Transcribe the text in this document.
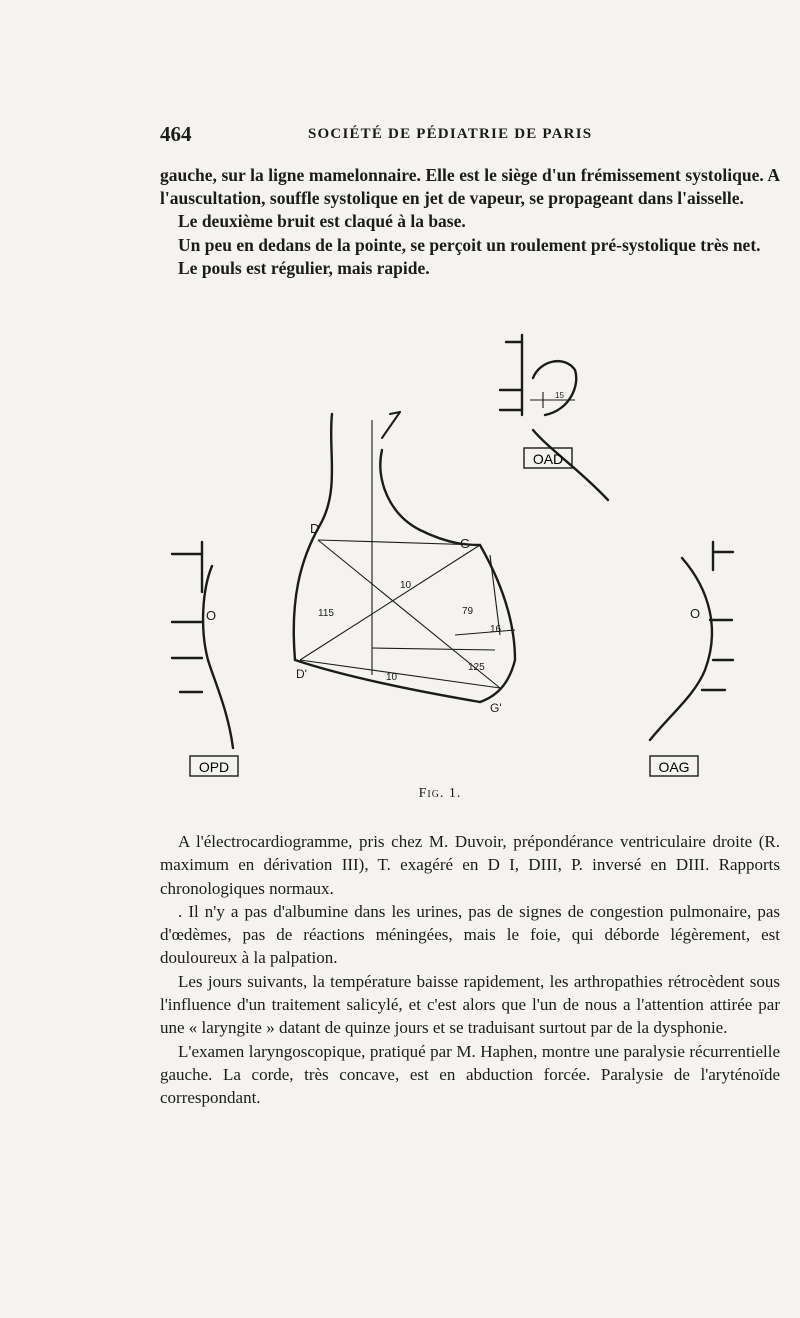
464	SOCIÉTÉ DE PÉDIATRIE DE PARIS

gauche, sur la ligne mamelonnaire. Elle est le siège d'un frémissement systolique. A l'auscultation, souffle systolique en jet de vapeur, se propageant dans l'aisselle.

Le deuxième bruit est claqué à la base.

Un peu en dedans de la pointe, se perçoit un roulement pré-systolique très net.

Le pouls est régulier, mais rapide.

OAD
OPD	OAG
D
D'
G
G'
115
10
79
16
125
10
15
O	O
Fig. 1.

A l'électrocardiogramme, pris chez M. Duvoir, prépondérance ventriculaire droite (R. maximum en dérivation III), T. exagéré en D I, DIII, P. inversé en DIII. Rapports chronologiques normaux.

. Il n'y a pas d'albumine dans les urines, pas de signes de congestion pulmonaire, pas d'œdèmes, pas de réactions méningées, mais le foie, qui déborde légèrement, est douloureux à la palpation.

Les jours suivants, la température baisse rapidement, les arthropathies rétrocèdent sous l'influence d'un traitement salicylé, et c'est alors que l'un de nous a l'attention attirée par une « laryngite » datant de quinze jours et se traduisant surtout par de la dysphonie.

L'examen laryngoscopique, pratiqué par M. Haphen, montre une paralysie récurrentielle gauche. La corde, très concave, est en abduction forcée. Paralysie de l'aryténoïde correspondant.
